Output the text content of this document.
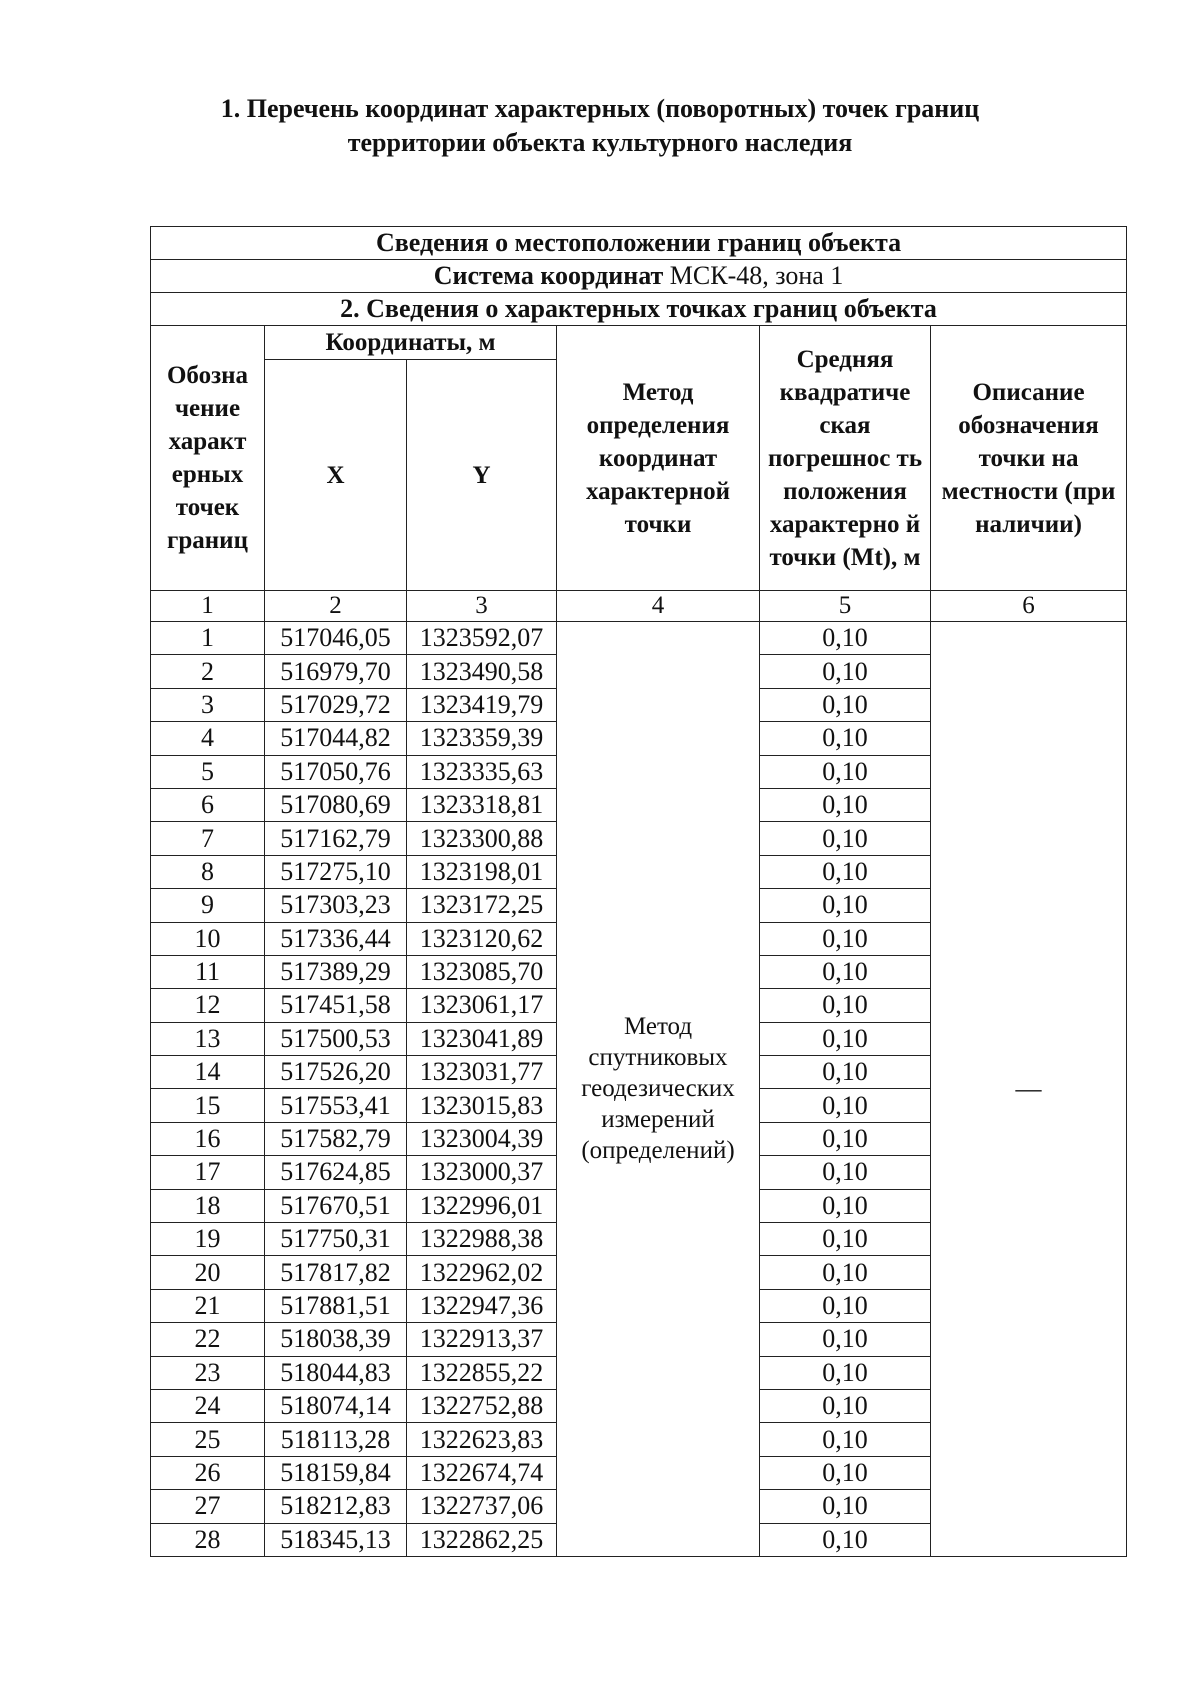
1. Перечень координат характерных (поворотных) точек границ
территории объекта культурного наследия
Сведения о местоположении границ объекта					
Система координат МСК-48, зона 1					
2. Сведения о характерных точках границ объекта					
Обозна чение характ ерных точек границ	Координаты, м		Метод определения координат характерной точки	Средняя квадратиче ская погрешнос ть положения характерно й точки (Mt), м	Описание обозначения точки на местности (при наличии)
	X	Y			
1	2	3	4	5	6
1	517046,05	1323592,07	Метод спутниковых геодезических измерений (определений)	0,10	—
2	516979,70	1323490,58		0,10	
3	517029,72	1323419,79		0,10	
4	517044,82	1323359,39		0,10	
5	517050,76	1323335,63		0,10	
6	517080,69	1323318,81		0,10	
7	517162,79	1323300,88		0,10	
8	517275,10	1323198,01		0,10	
9	517303,23	1323172,25		0,10	
10	517336,44	1323120,62		0,10	
11	517389,29	1323085,70		0,10	
12	517451,58	1323061,17		0,10	
13	517500,53	1323041,89		0,10	
14	517526,20	1323031,77		0,10	
15	517553,41	1323015,83		0,10	
16	517582,79	1323004,39		0,10	
17	517624,85	1323000,37		0,10	
18	517670,51	1322996,01		0,10	
19	517750,31	1322988,38		0,10	
20	517817,82	1322962,02		0,10	
21	517881,51	1322947,36		0,10	
22	518038,39	1322913,37		0,10	
23	518044,83	1322855,22		0,10	
24	518074,14	1322752,88		0,10	
25	518113,28	1322623,83		0,10	
26	518159,84	1322674,74		0,10	
27	518212,83	1322737,06		0,10	
28	518345,13	1322862,25		0,10	
